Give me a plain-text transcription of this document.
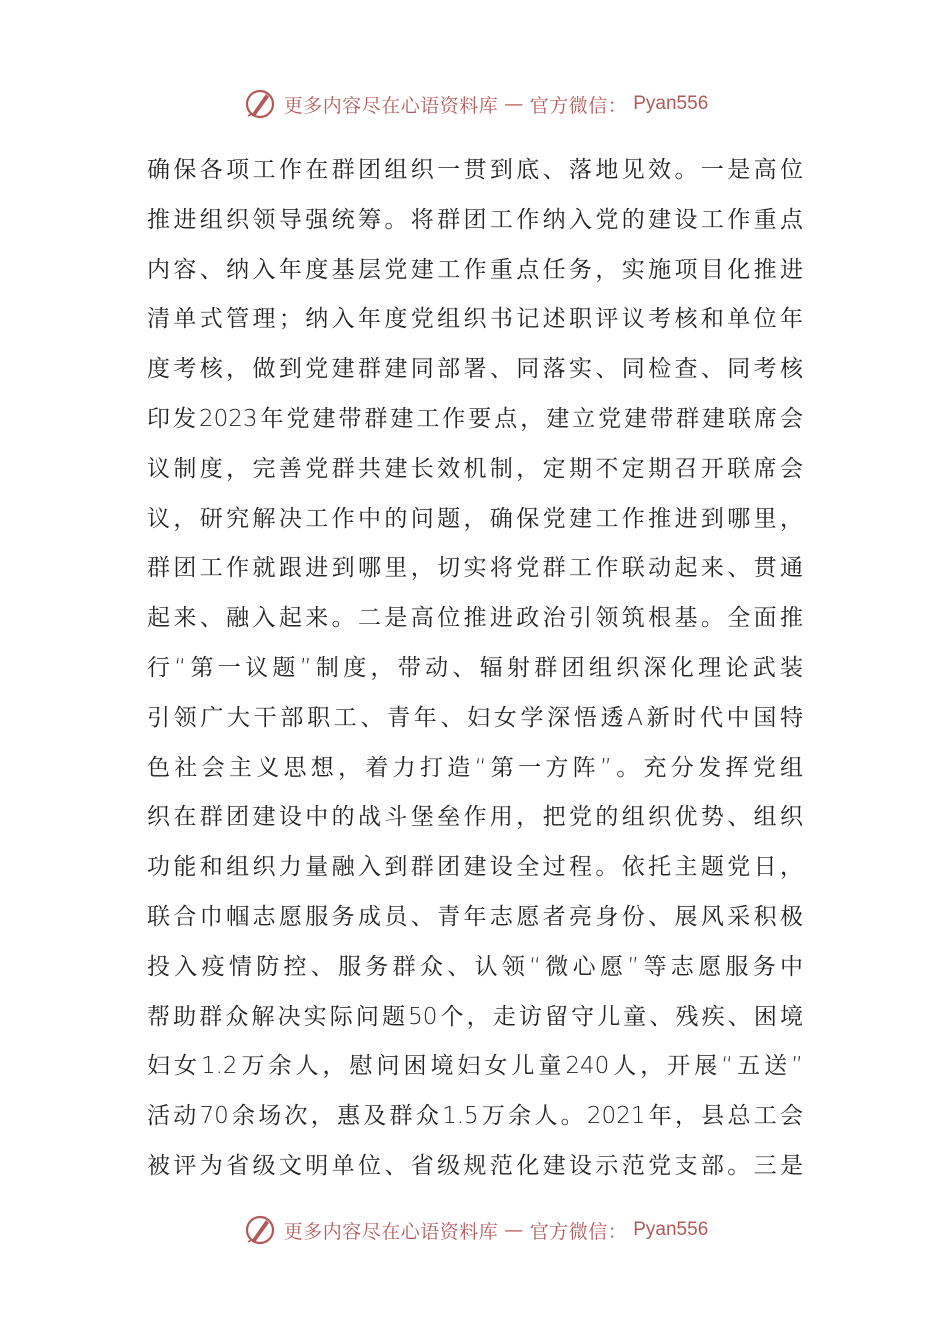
更多内容尽在心语资料库 — 官方微信： Pyan556
确保各项工作在群团组织一贯到底、落地见效。一是高位
推进组织领导强统筹。将群团工作纳入党的建设工作重点
内容、纳入年度基层党建工作重点任务，实施项目化推进
清单式管理；纳入年度党组织书记述职评议考核和单位年
度考核，做到党建群建同部署、同落实、同检查、同考核
印发2023年党建带群建工作要点，建立党建带群建联席会
议制度，完善党群共建长效机制，定期不定期召开联席会
议，研究解决工作中的问题，确保党建工作推进到哪里，
群团工作就跟进到哪里，切实将党群工作联动起来、贯通
起来、融入起来。二是高位推进政治引领筑根基。全面推
行“第一议题”制度，带动、辐射群团组织深化理论武装
引领广大干部职工、青年、妇女学深悟透A新时代中国特
色社会主义思想，着力打造“第一方阵”。充分发挥党组
织在群团建设中的战斗堡垒作用，把党的组织优势、组织
功能和组织力量融入到群团建设全过程。依托主题党日，
联合巾帼志愿服务成员、青年志愿者亮身份、展风采积极
投入疫情防控、服务群众、认领“微心愿”等志愿服务中
帮助群众解决实际问题50个，走访留守儿童、残疾、困境
妇女1.2万余人，慰问困境妇女儿童240人，开展“五送”
活动70余场次，惠及群众1.5万余人。2021年，县总工会
被评为省级文明单位、省级规范化建设示范党支部。三是
更多内容尽在心语资料库 — 官方微信： Pyan556
